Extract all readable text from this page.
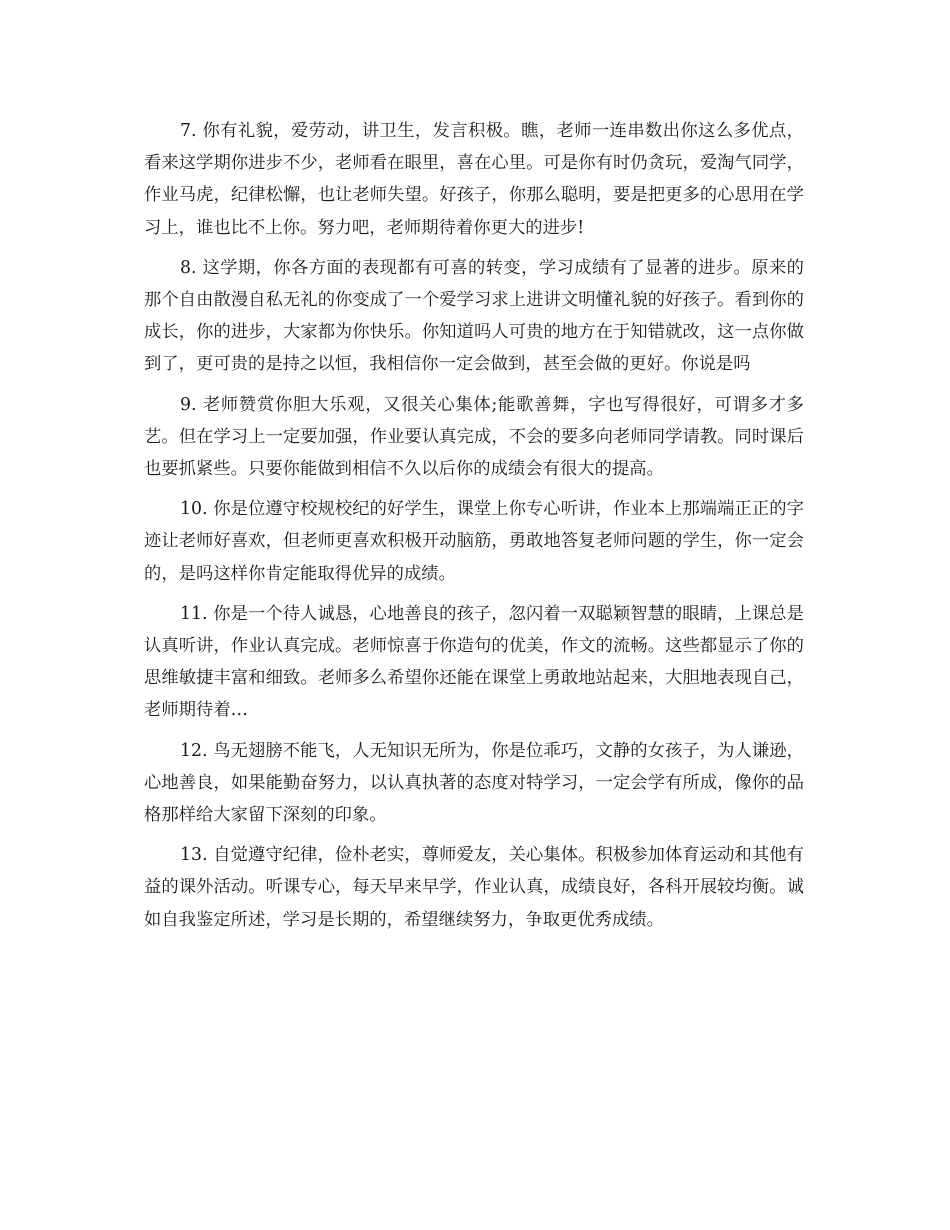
7. 你有礼貌，爱劳动，讲卫生，发言积极。瞧，老师一连串数出你这么多优点，看来这学期你进步不少，老师看在眼里，喜在心里。可是你有时仍贪玩，爱淘气同学，作业马虎，纪律松懈，也让老师失望。好孩子，你那么聪明，要是把更多的心思用在学习上，谁也比不上你。努力吧，老师期待着你更大的进步!

8. 这学期，你各方面的表现都有可喜的转变，学习成绩有了显著的进步。原来的那个自由散漫自私无礼的你变成了一个爱学习求上进讲文明懂礼貌的好孩子。看到你的成长，你的进步，大家都为你快乐。你知道吗人可贵的地方在于知错就改，这一点你做到了，更可贵的是持之以恒，我相信你一定会做到，甚至会做的更好。你说是吗

9. 老师赞赏你胆大乐观，又很关心集体;能歌善舞，字也写得很好，可谓多才多艺。但在学习上一定要加强，作业要认真完成，不会的要多向老师同学请教。同时课后也要抓紧些。只要你能做到相信不久以后你的成绩会有很大的提高。

10. 你是位遵守校规校纪的好学生，课堂上你专心听讲，作业本上那端端正正的字迹让老师好喜欢，但老师更喜欢积极开动脑筋，勇敢地答复老师问题的学生，你一定会的，是吗这样你肯定能取得优异的成绩。

11. 你是一个待人诚恳，心地善良的孩子，忽闪着一双聪颖智慧的眼睛，上课总是认真听讲，作业认真完成。老师惊喜于你造句的优美，作文的流畅。这些都显示了你的思维敏捷丰富和细致。老师多么希望你还能在课堂上勇敢地站起来，大胆地表现自己，老师期待着…

12. 鸟无翅膀不能飞，人无知识无所为，你是位乖巧，文静的女孩子，为人谦逊，心地善良，如果能勤奋努力，以认真执著的态度对特学习，一定会学有所成，像你的品格那样给大家留下深刻的印象。

13. 自觉遵守纪律，俭朴老实，尊师爱友，关心集体。积极参加体育运动和其他有益的课外活动。听课专心，每天早来早学，作业认真，成绩良好，各科开展较均衡。诚如自我鉴定所述，学习是长期的，希望继续努力，争取更优秀成绩。
